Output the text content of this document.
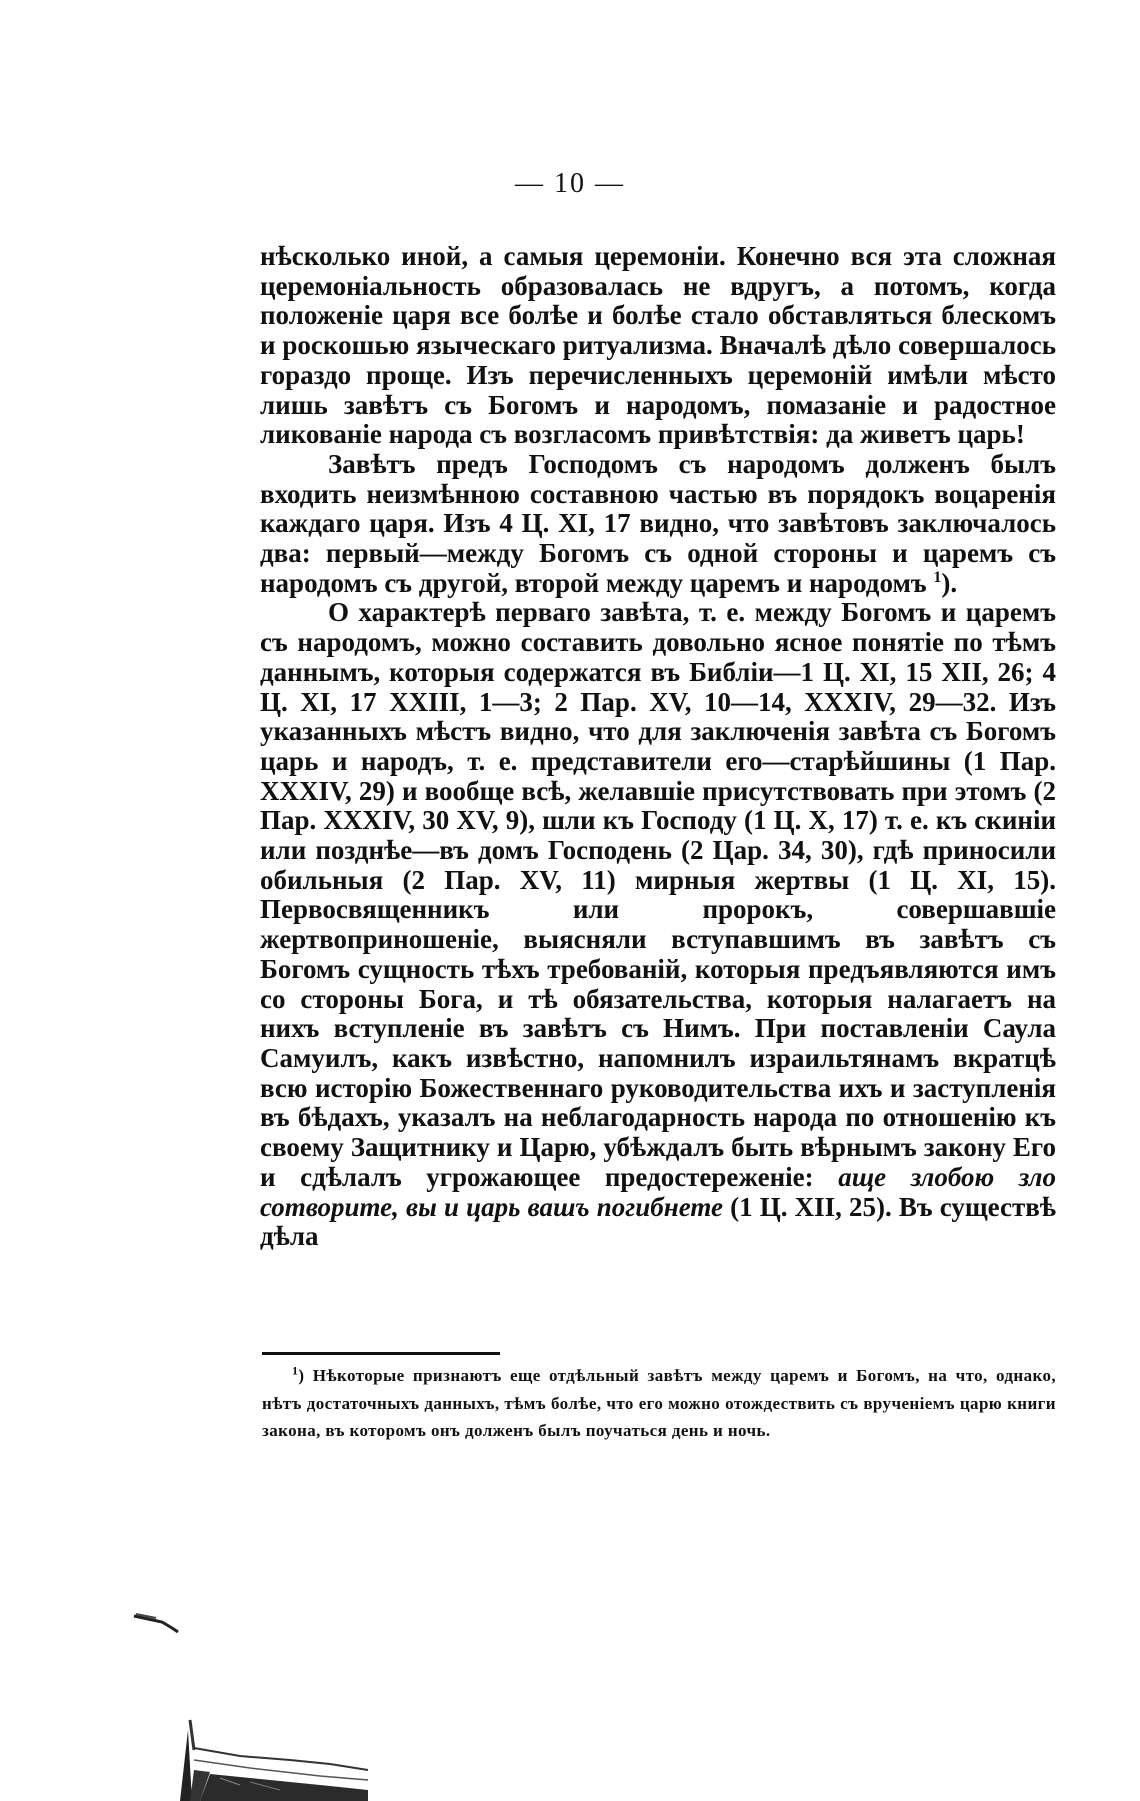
— 10 —

нѣсколько иной, а самыя церемоніи. Конечно вся эта сложная церемоніальность образовалась не вдругъ, а потомъ, когда положеніе царя все болѣе и болѣе стало обставляться блескомъ и роскошью языческаго ритуализма. Вначалѣ дѣло совершалось гораздо проще. Изъ перечисленныхъ церемоній имѣли мѣсто лишь завѣтъ съ Богомъ и народомъ, помазаніе и радостное ликованіе народа съ возгласомъ привѣтствія: да живетъ царь!

Завѣтъ предъ Господомъ съ народомъ долженъ былъ входить неизмѣнною составною частью въ порядокъ воцаренія каждаго царя. Изъ 4 Ц. XI, 17 видно, что завѣтовъ заключалось два: первый—между Богомъ съ одной стороны и царемъ съ народомъ съ другой, второй между царемъ и народомъ $^1$).

О характерѣ перваго завѣта, т. е. между Богомъ и царемъ съ народомъ, можно составить довольно ясное понятіе по тѣмъ даннымъ, которыя содержатся въ Библіи—1 Ц. XI, 15 XII, 26; 4 Ц. XI, 17 XXIII, 1—3; 2 Пар. XV, 10—14, XXXIV, 29—32. Изъ указанныхъ мѣстъ видно, что для заключенія завѣта съ Богомъ царь и народъ, т. е. представители его—старѣйшины (1 Пар. XXXIV, 29) и вообще всѣ, желавшіе присутствовать при этомъ (2 Пар. XXXIV, 30 XV, 9), шли къ Господу (1 Ц. X, 17) т. е. къ скиніи или позднѣе—въ домъ Господень (2 Цар. 34, 30), гдѣ приносили обильныя (2 Пар. XV, 11) мирныя жертвы (1 Ц. XI, 15). Первосвященникъ или пророкъ, совершавшіе жертвоприношеніе, выясняли вступавшимъ въ завѣтъ съ Богомъ сущность тѣхъ требованій, которыя предъявляются имъ со стороны Бога, и тѣ обязательства, которыя налагаетъ на нихъ вступленіе въ завѣтъ съ Нимъ. При поставленіи Саула Самуилъ, какъ извѣстно, напомнилъ израильтянамъ вкратцѣ всю исторію Божественнаго руководительства ихъ и заступленія въ бѣдахъ, указалъ на неблагодарность народа по отношенію къ своему Защитнику и Царю, убѣждалъ быть вѣрнымъ закону Его и сдѣлалъ угрожающее предостереженіе: аще злобою зло сотворите, вы и царь вашъ погибнете (1 Ц. XII, 25). Въ существѣ дѣла

$^1$) Нѣкоторые признаютъ еще отдѣльный завѣтъ между царемъ и Богомъ, на что, однако, нѣтъ достаточныхъ данныхъ, тѣмъ болѣе, что его можно отождествить съ врученіемъ царю книги закона, въ которомъ онъ долженъ былъ поучаться день и ночь.
